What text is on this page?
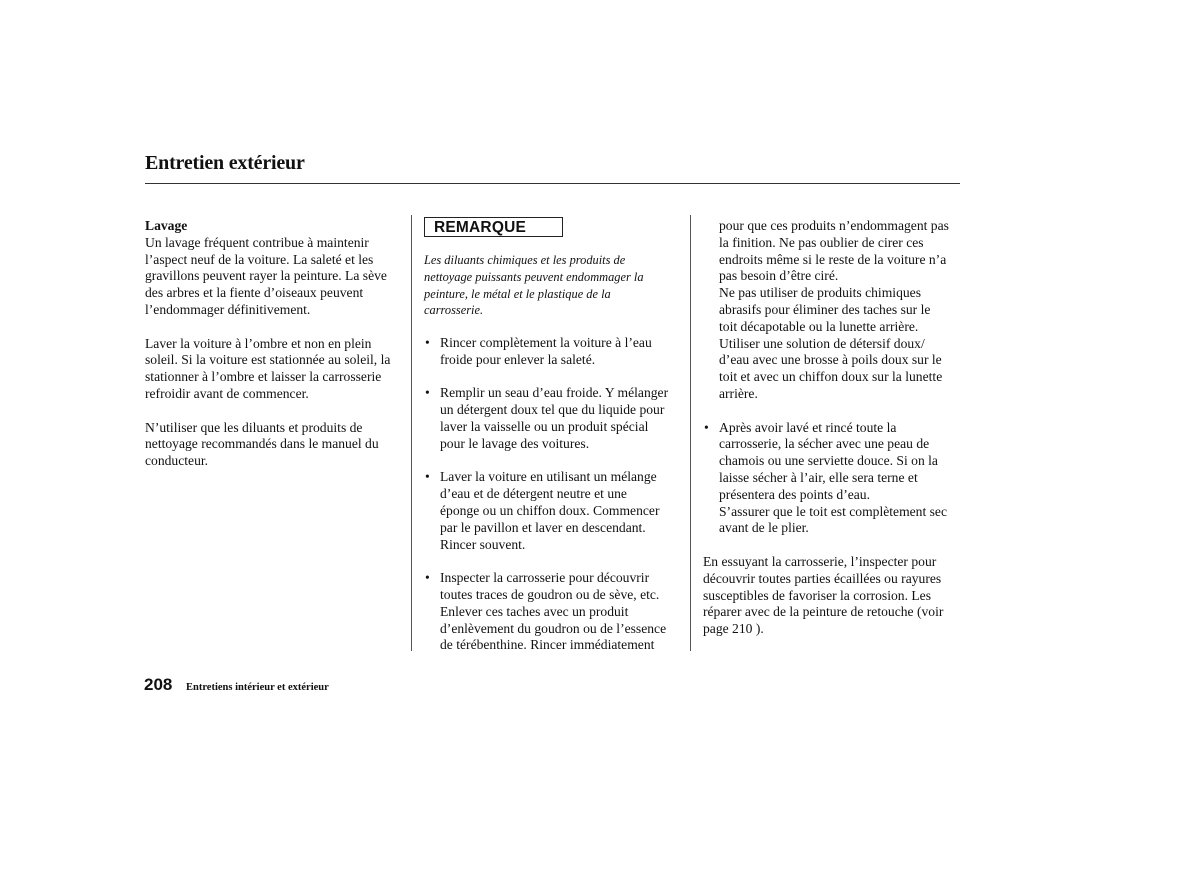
Entretien extérieur

Lavage

Un lavage fréquent contribue à maintenir
l’aspect neuf de la voiture. La saleté et les
gravillons peuvent rayer la peinture. La sève
des arbres et la fiente d’oiseaux peuvent
l’endommager définitivement.

Laver la voiture à l’ombre et non en plein
soleil. Si la voiture est stationnée au soleil, la
stationner à l’ombre et laisser la carrosserie
refroidir avant de commencer.

N’utiliser que les diluants et produits de
nettoyage recommandés dans le manuel du
conducteur.

REMARQUE
Les diluants chimiques et les produits de
nettoyage puissants peuvent endommager la
peinture, le métal et le plastique de la
carrosserie.
• Rincer complètement la voiture à l’eau
froide pour enlever la saleté.

• Remplir un seau d’eau froide. Y mélanger
un détergent doux tel que du liquide pour
laver la vaisselle ou un produit spécial
pour le lavage des voitures.

• Laver la voiture en utilisant un mélange
d’eau et de détergent neutre et une
éponge ou un chiffon doux. Commencer
par le pavillon et laver en descendant.
Rincer souvent.

• Inspecter la carrosserie pour découvrir
toutes traces de goudron ou de sève, etc.
Enlever ces taches avec un produit
d’enlèvement du goudron ou de l’essence
de térébenthine. Rincer immédiatement

pour que ces produits n’endommagent pas
la finition. Ne pas oublier de cirer ces
endroits même si le reste de la voiture n’a
pas besoin d’être ciré.
Ne pas utiliser de produits chimiques
abrasifs pour éliminer des taches sur le
toit décapotable ou la lunette arrière.
Utiliser une solution de détersif doux/
d’eau avec une brosse à poils doux sur le
toit et avec un chiffon doux sur la lunette
arrière.

• Après avoir lavé et rincé toute la
carrosserie, la sécher avec une peau de
chamois ou une serviette douce. Si on la
laisse sécher à l’air, elle sera terne et
présentera des points d’eau.
S’assurer que le toit est complètement sec
avant de le plier.

En essuyant la carrosserie, l’inspecter pour
découvrir toutes parties écaillées ou rayures
susceptibles de favoriser la corrosion. Les
réparer avec de la peinture de retouche (voir
page 210 ).

208 Entretiens intérieur et extérieur
